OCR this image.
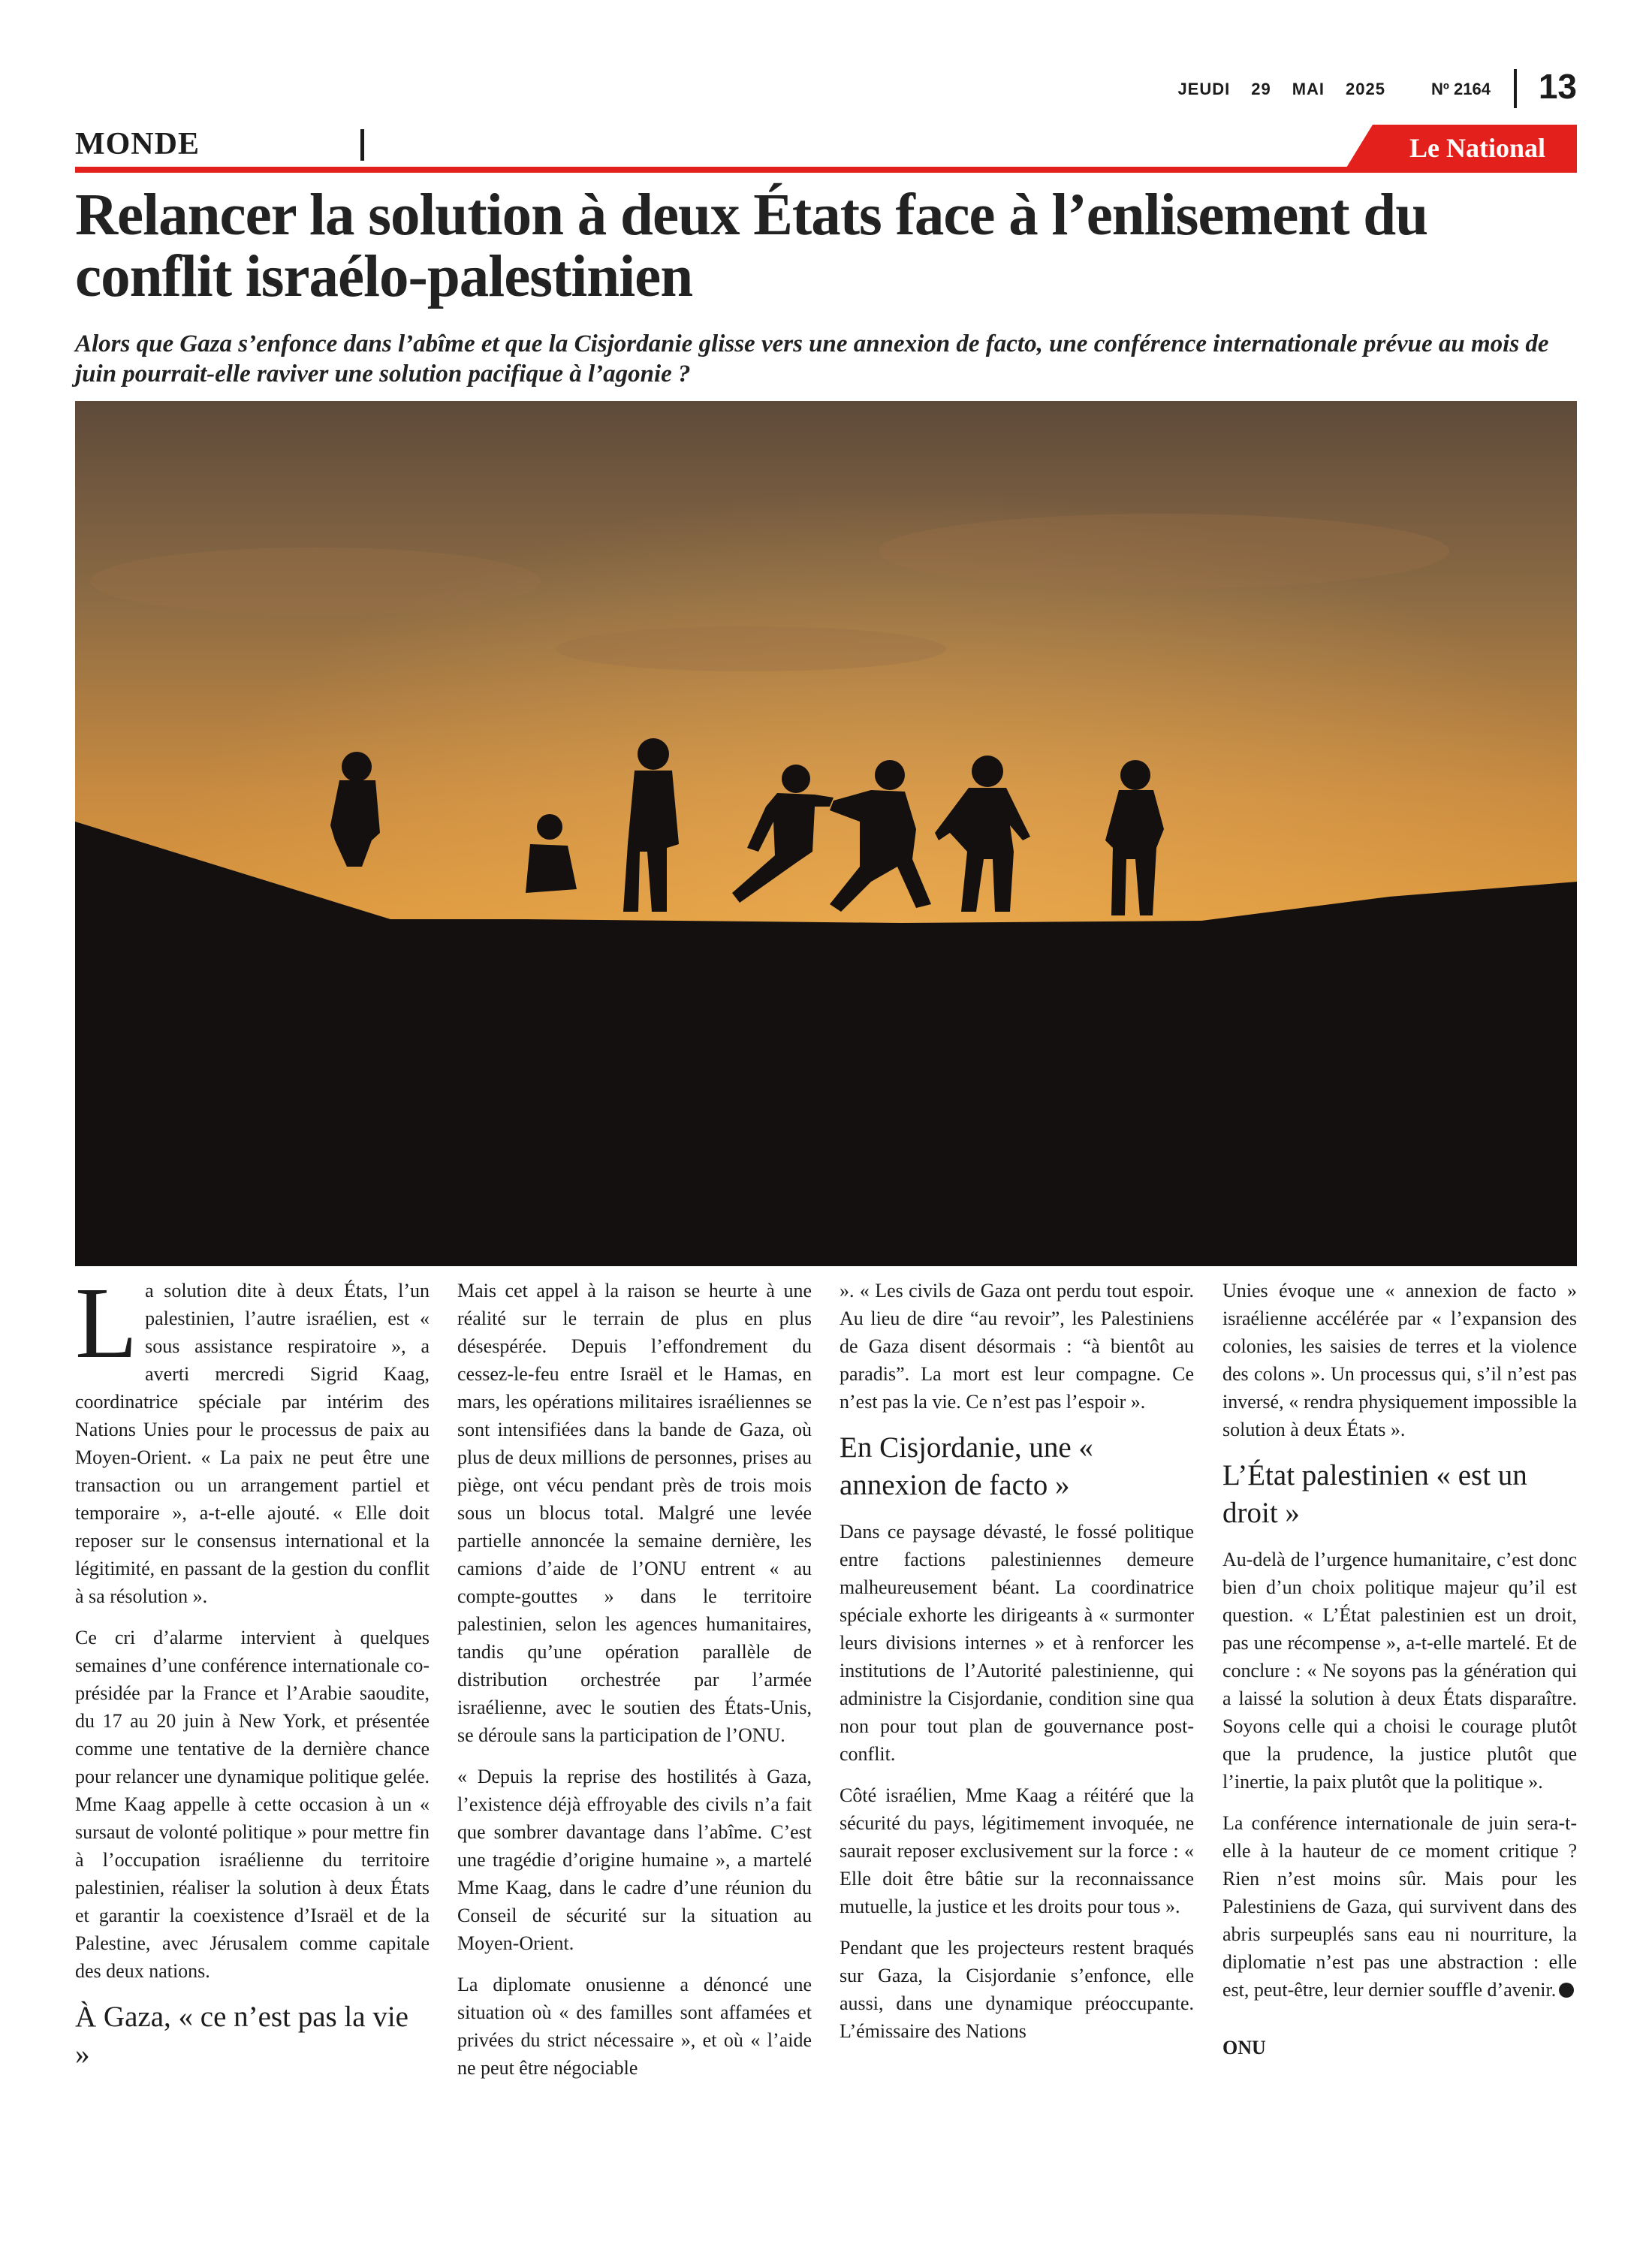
JEUDI 29 MAI 2025	Nº 2164 13
MONDE	Le National
Relancer la solution à deux États face à l’enlisement du conflit israélo-palestinien

Alors que Gaza s’enfonce dans l’abîme et que la Cisjordanie glisse vers une annexion de facto, une conférence internationale prévue au mois de juin pourrait-elle raviver une solution pacifique à l’agonie ?

La solution dite à deux États, l’un palestinien, l’autre israélien, est « sous assistance respiratoire », a averti mercredi Sigrid Kaag, coordinatrice spéciale par intérim des Nations Unies pour le processus de paix au Moyen-Orient. « La paix ne peut être une transaction ou un arrangement partiel et temporaire », a-t-elle ajouté. « Elle doit reposer sur le consensus international et la légitimité, en passant de la gestion du conflit à sa résolution ».

Ce cri d’alarme intervient à quelques semaines d’une conférence internationale co-présidée par la France et l’Arabie saoudite, du 17 au 20 juin à New York, et présentée comme une tentative de la dernière chance pour relancer une dynamique politique gelée. Mme Kaag appelle à cette occasion à un « sursaut de volonté politique » pour mettre fin à l’occupation israélienne du territoire palestinien, réaliser la solution à deux États et garantir la coexistence d’Israël et de la Palestine, avec Jérusalem comme capitale des deux nations.

À Gaza, « ce n’est pas la vie »

Mais cet appel à la raison se heurte à une réalité sur le terrain de plus en plus désespérée. Depuis l’effondrement du cessez-le-feu entre Israël et le Hamas, en mars, les opérations militaires israéliennes se sont intensifiées dans la bande de Gaza, où plus de deux millions de personnes, prises au piège, ont vécu pendant près de trois mois sous un blocus total. Malgré une levée partielle annoncée la semaine dernière, les camions d’aide de l’ONU entrent « au compte-gouttes » dans le territoire palestinien, selon les agences humanitaires, tandis qu’une opération parallèle de distribution orchestrée par l’armée israélienne, avec le soutien des États-Unis, se déroule sans la participation de l’ONU.

« Depuis la reprise des hostilités à Gaza, l’existence déjà effroyable des civils n’a fait que sombrer davantage dans l’abîme. C’est une tragédie d’origine humaine », a martelé Mme Kaag, dans le cadre d’une réunion du Conseil de sécurité sur la situation au Moyen-Orient.

La diplomate onusienne a dénoncé une situation où « des familles sont affamées et privées du strict nécessaire », et où « l’aide ne peut être négociable

». « Les civils de Gaza ont perdu tout espoir. Au lieu de dire “au revoir”, les Palestiniens de Gaza disent désormais : “à bientôt au paradis”. La mort est leur compagne. Ce n’est pas la vie. Ce n’est pas l’espoir ».

En Cisjordanie, une « annexion de facto »

Dans ce paysage dévasté, le fossé politique entre factions palestiniennes demeure malheureusement béant. La coordinatrice spéciale exhorte les dirigeants à « surmonter leurs divisions internes » et à renforcer les institutions de l’Autorité palestinienne, qui administre la Cisjordanie, condition sine qua non pour tout plan de gouvernance post-conflit.

Côté israélien, Mme Kaag a réitéré que la sécurité du pays, légitimement invoquée, ne saurait reposer exclusivement sur la force : « Elle doit être bâtie sur la reconnaissance mutuelle, la justice et les droits pour tous ».

Pendant que les projecteurs restent braqués sur Gaza, la Cisjordanie s’enfonce, elle aussi, dans une dynamique préoccupante. L’émissaire des Nations

Unies évoque une « annexion de facto » israélienne accélérée par « l’expansion des colonies, les saisies de terres et la violence des colons ». Un processus qui, s’il n’est pas inversé, « rendra physiquement impossible la solution à deux États ».

L’État palestinien « est un droit »

Au-delà de l’urgence humanitaire, c’est donc bien d’un choix politique majeur qu’il est question. « L’État palestinien est un droit, pas une récompense », a-t-elle martelé. Et de conclure : « Ne soyons pas la génération qui a laissé la solution à deux États disparaître. Soyons celle qui a choisi le courage plutôt que la prudence, la justice plutôt que l’inertie, la paix plutôt que la politique ».

La conférence internationale de juin sera-t-elle à la hauteur de ce moment critique ? Rien n’est moins sûr. Mais pour les Palestiniens de Gaza, qui survivent dans des abris surpeuplés sans eau ni nourriture, la diplomatie n’est pas une abstraction : elle est, peut-être, leur dernier souffle d’avenir.

ONU
